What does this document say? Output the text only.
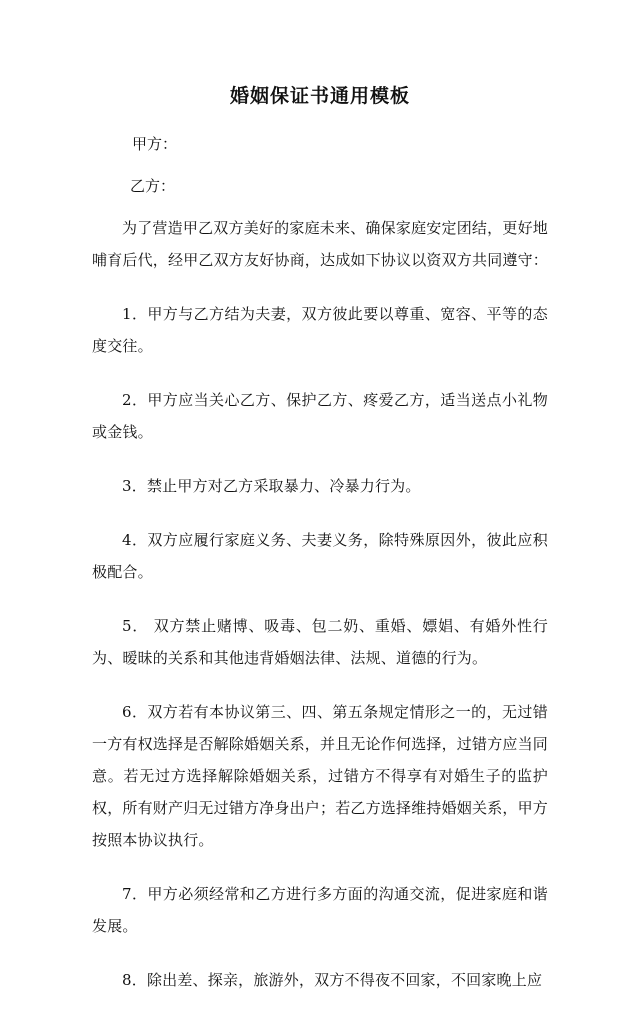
婚姻保证书通用模板

甲方：

乙方：

为了营造甲乙双方美好的家庭未来、确保家庭安定团结，更好地哺育后代，经甲乙双方友好协商，达成如下协议以资双方共同遵守：

1．甲方与乙方结为夫妻，双方彼此要以尊重、宽容、平等的态度交往。

2．甲方应当关心乙方、保护乙方、疼爱乙方，适当送点小礼物或金钱。

3．禁止甲方对乙方采取暴力、冷暴力行为。

4．双方应履行家庭义务、夫妻义务，除特殊原因外，彼此应积极配合。

5． 双方禁止赌博、吸毒、包二奶、重婚、嫖娼、有婚外性行为、暧昧的关系和其他违背婚姻法律、法规、道德的行为。

6．双方若有本协议第三、四、第五条规定情形之一的，无过错一方有权选择是否解除婚姻关系，并且无论作何选择，过错方应当同意。若无过方选择解除婚姻关系，过错方不得享有对婚生子的监护权，所有财产归无过错方净身出户；若乙方选择维持婚姻关系，甲方按照本协议执行。

7．甲方必须经常和乙方进行多方面的沟通交流，促进家庭和谐发展。

8．除出差、探亲，旅游外，双方不得夜不回家，不回家晚上应
